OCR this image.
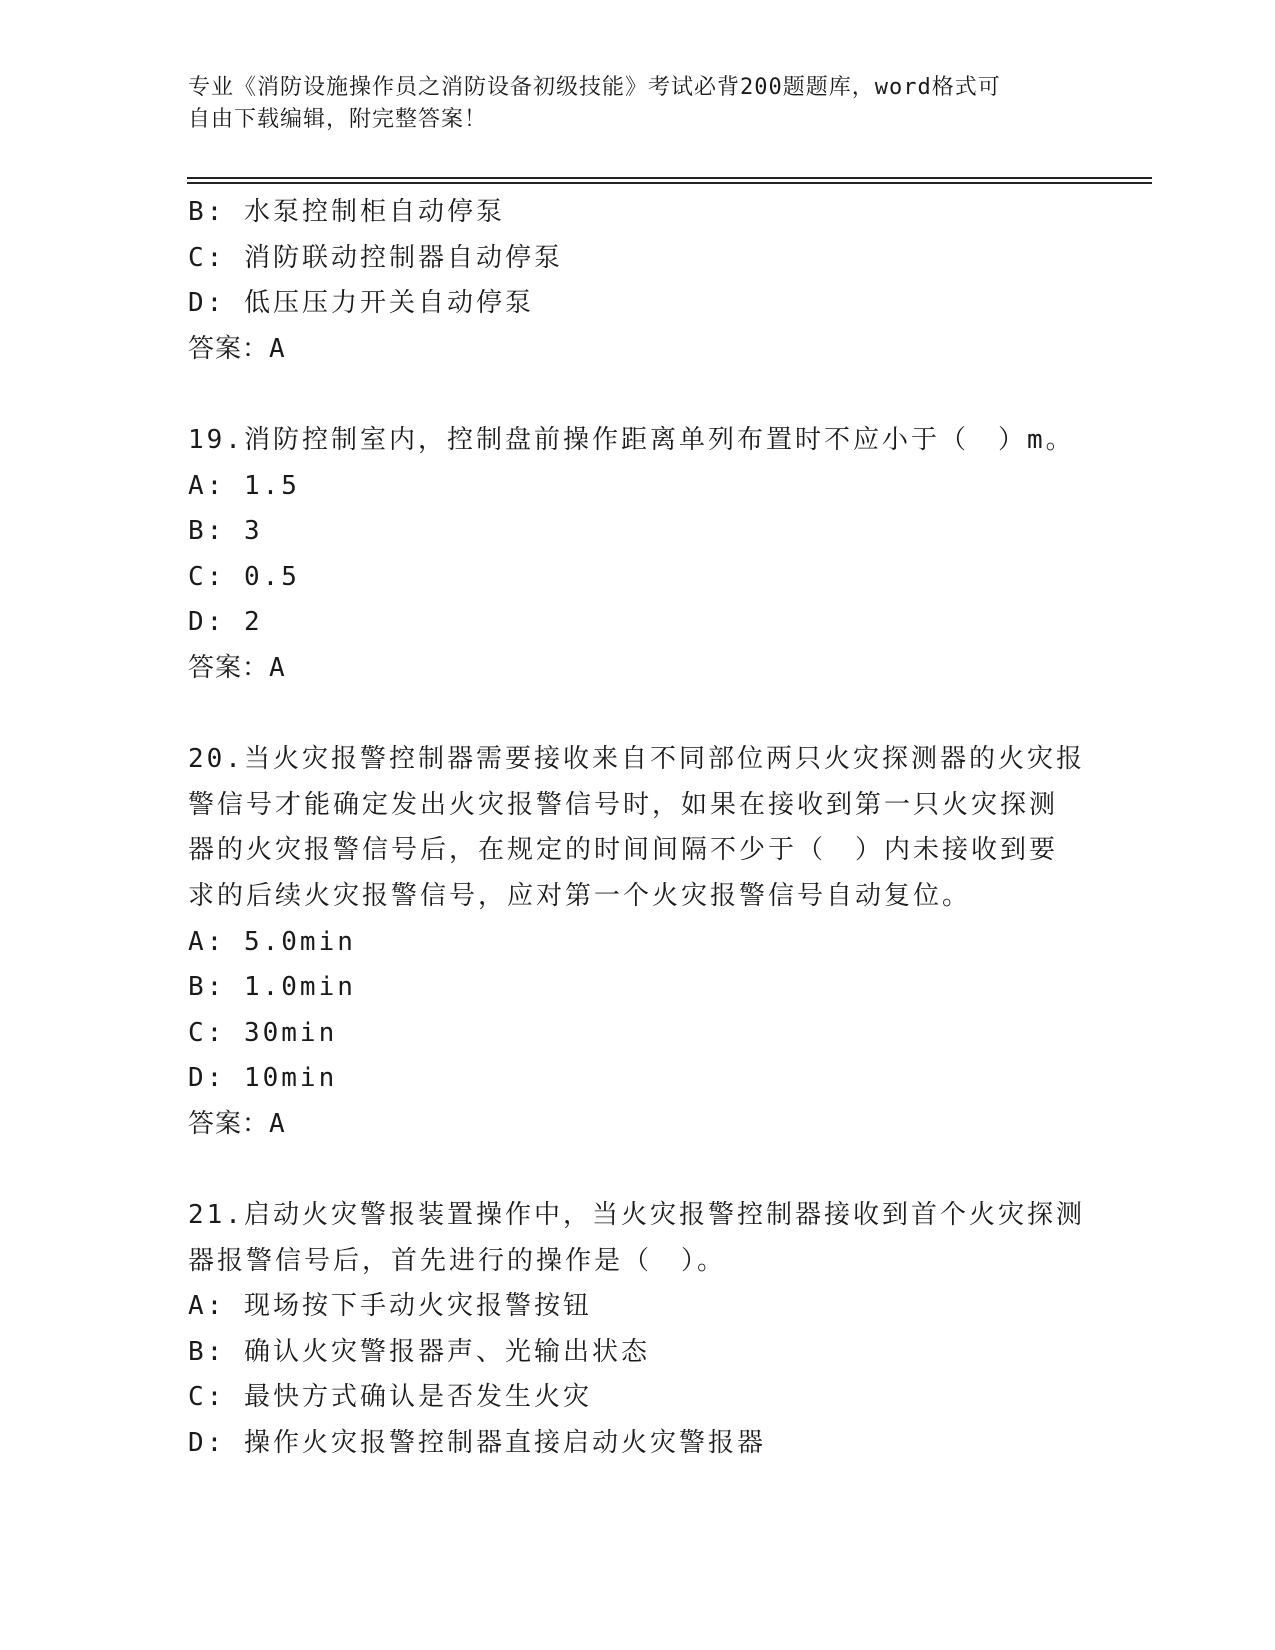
专业《消防设施操作员之消防设备初级技能》考试必背200题题库，word格式可
自由下载编辑，附完整答案！
B: 水泵控制柜自动停泵
C: 消防联动控制器自动停泵
D: 低压压力开关自动停泵
答案：A
19.消防控制室内，控制盘前操作距离单列布置时不应小于（　）m。
A: 1.5
B: 3
C: 0.5
D: 2
答案：A
20.当火灾报警控制器需要接收来自不同部位两只火灾探测器的火灾报
警信号才能确定发出火灾报警信号时，如果在接收到第一只火灾探测
器的火灾报警信号后，在规定的时间间隔不少于（　）内未接收到要
求的后续火灾报警信号，应对第一个火灾报警信号自动复位。
A: 5.0min
B: 1.0min
C: 30min
D: 10min
答案：A
21.启动火灾警报装置操作中，当火灾报警控制器接收到首个火灾探测
器报警信号后，首先进行的操作是（　）。
A: 现场按下手动火灾报警按钮
B: 确认火灾警报器声、光输出状态
C: 最快方式确认是否发生火灾
D: 操作火灾报警控制器直接启动火灾警报器
